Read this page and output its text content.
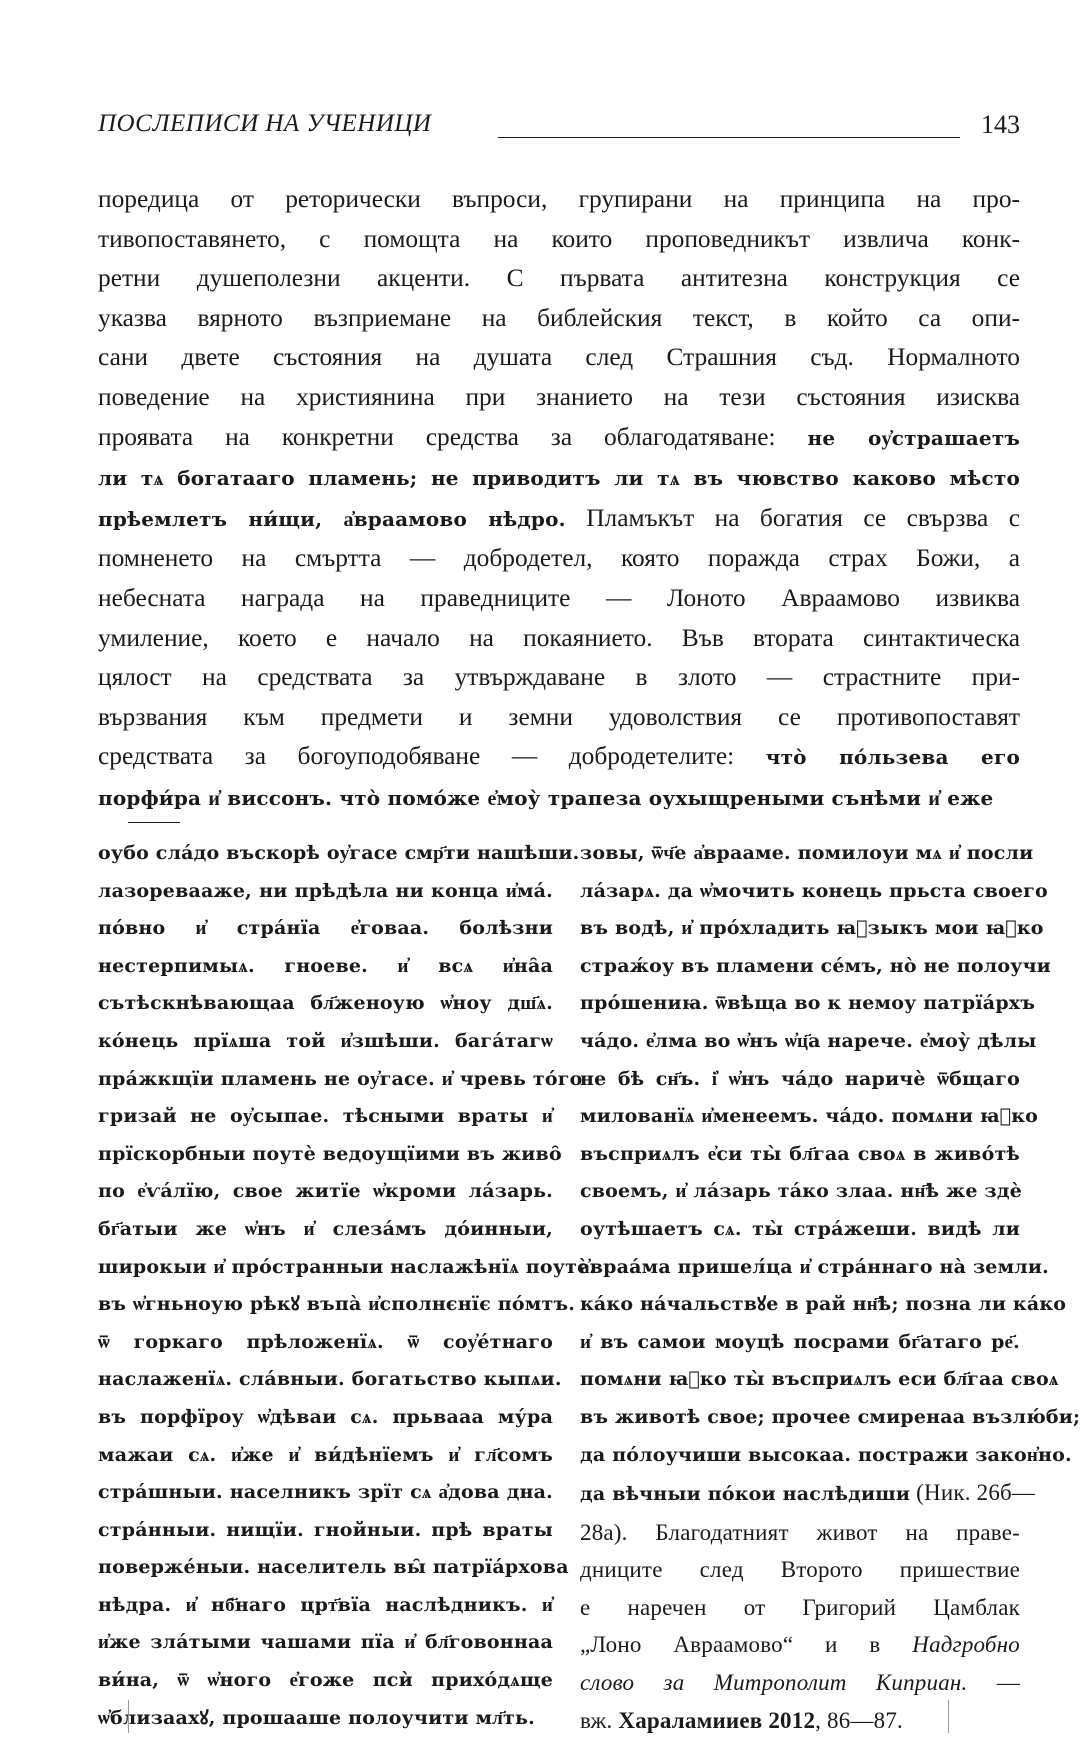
ПОСЛЕПИСИ НА УЧЕНИЦИ	143
поредица от реторически въпроси, групирани на принципа на про-
тивопоставянето, с помощта на които проповедникът извлича конк-
ретни душеполезни акценти. С първата антитезна конструкция се
указва вярното възприемане на библейския текст, в който са опи-
сани двете състояния на душата след Страшния съд. Нормалното
поведение на християнина при знанието на тези състояния изисква
проявата на конкретни средства за облагодатяване: не оу҆страшаетъ
ли тѧ богатааго пламень; не приводитъ ли тѧ въ чювство каково мѣсто
прѣемлетъ ни́щи, а҆враамово нѣдро. Пламъкът на богатия се свързва с
помненето на смъртта — добродетел, която поражда страх Божи, а
небесната награда на праведниците — Лоното Авраамово извиква
умиление, което е начало на покаянието. Във втората синтактическа
цялост на средствата за утвърждаване в злото — страстните при-
вързвания към предмети и земни удоволствия се противопоставят
средствата за богоуподобяване — добродетелите: что̀ по́льзева его
порфи́ра и҆ виссонъ. что̀ помо́же е҆моу̀ трапеза оухыщреными сънѣми и҆ еже
оубо сла́до въскорѣ оу҆гасе смр҃ти нашѣши.
лазоревааже, ни прѣдѣла ни конца и҆ма́.
по́вно и҆ стра́нїа е҆говаа. болѣзни
нестерпимыѧ. гноеве. и҆ всѧ и҆на̑а
сътѣскнѣвающаа бл҃женоую ѡ҆ноу дш҃ѧ.
ко́нець прїѧша той и҆зшѣши. бага́тагѡ
пра́жкщїи пламень не оу҆гасе. и҆ чревь то́го
гризай не оу҆сыпае. тѣсными враты и҆
прїскорбныи поутѐ ведоущїими въ живо̑
по е҆ѵа́лїю, свое житїе ѡ҆кроми ла́зарь.
бг҃атыи же ѡ҆нъ и҆ слеза́мъ до́инныи,
широкыи и҆ про́странныи наслажѣнїѧ поутѐ.
въ ѡ҆гньноую рѣкꙋ въпа̀ и҆сполнєнїє по́мтъ.
ѿ горкаго прѣложенїѧ. ѿ соу҆е́тнаго
наслаженїѧ. сла́вныи. богатьство кыпѧи.
въ порфїроу ѡ҆дѣваи сѧ. прьвааа му́ра
мажаи сѧ. и҆же и҆ ви́дѣнїемъ и҆ гл҃сомъ
стра́шныи. населникъ зрїт сѧ а҆дова дна.
стра́нныи. нищїи. гнойныи. прѣ враты
поверже́ныи. населитель вы̑ патрїа́рхова
нѣдра. и҆ нб҃наго црт҃вїа наслѣдникъ. и҆
и҆же зла́тыми чашами пїа и҆ бл҃говоннаа
ви́на, ѿ ѡ҆ного е҆гоже псѝ прихо́дѧще
ѡ҆близаахꙋ, прошааше полоучити мл҃ть.
зовы, ѿч҃е а҆враамe. помилоуи мѧ и҆ посли
ла́зарѧ. да ѡ҆мочить конець прьста своего
въ водѣ, и҆ про́хладить ꙗ҆зыкъ мои ꙗ҆ко
страж́оу въ пламени се́мъ, но̀ не полоучи
про́шениꙗ. ѿвѣща во к немоу патрїа́рхъ
ча́до. е҆лма во ѡ҆нъ ѡ҆ц҃а нарече. е҆моу̀ дѣлы
не бѣ сн҃ъ. і҆ ѡ҆нъ ча́до наричѐ ѿбщаго
милованїѧ и҆менеемъ. ча́до. помѧни ꙗ҆ко
въсприѧлъ е҆си ты̀ бл҃гаа своѧ в живо́тѣ
своемъ, и҆ ла́зарь та́ко злаа. нн҃ѣ же здѐ
оутѣшаетъ сѧ. ты̀ стра́жеши. видѣ ли
а҆враа́ма пришел́ца и҆ стра́ннаго на̀ земли.
ка́ко на́чальствꙋе в рай нн҃ѣ; позна ли ка́ко
и҆ въ самои моуцѣ посрами бг҃атаго ре҃.
помѧни ꙗ҆ко ты̀ въсприѧлъ еси бл҃гаа своѧ
въ животѣ свое; прочее смиренаа възлю́би;
да по́лоучиши высокаа. пострaжи закон҆но.
да вѣчныи по́кои наслѣдиши (Ник. 26б—
28а). Благодатният живот на праве-
дниците след Второто пришествие
е наречен от Григорий Цамблак
„Лоно Авраамово“ и в Надгробно
слово за Митрополит Киприан. —
вж. Хараламииев 2012, 86—87.
